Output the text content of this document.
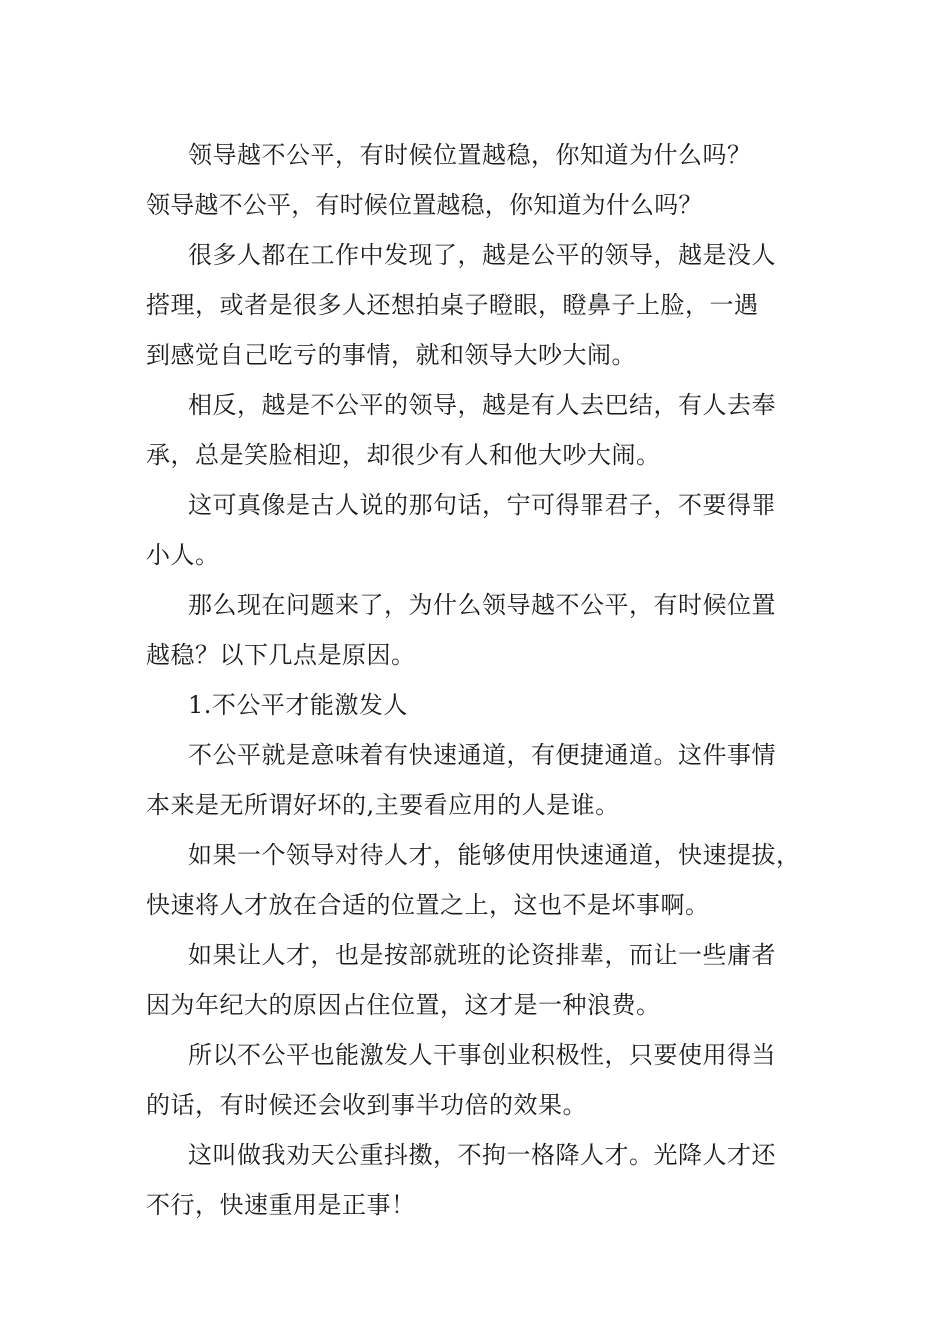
领导越不公平，有时候位置越稳，你知道为什么吗？
领导越不公平，有时候位置越稳，你知道为什么吗？
很多人都在工作中发现了，越是公平的领导，越是没人
搭理，或者是很多人还想拍桌子瞪眼，瞪鼻子上脸，一遇
到感觉自己吃亏的事情，就和领导大吵大闹。
相反，越是不公平的领导，越是有人去巴结，有人去奉
承，总是笑脸相迎，却很少有人和他大吵大闹。
这可真像是古人说的那句话，宁可得罪君子，不要得罪
小人。
那么现在问题来了，为什么领导越不公平，有时候位置
越稳？以下几点是原因。
1.不公平才能激发人
不公平就是意味着有快速通道，有便捷通道。这件事情
本来是无所谓好坏的,主要看应用的人是谁。
如果一个领导对待人才，能够使用快速通道，快速提拔，
快速将人才放在合适的位置之上，这也不是坏事啊。
如果让人才，也是按部就班的论资排辈，而让一些庸者
因为年纪大的原因占住位置，这才是一种浪费。
所以不公平也能激发人干事创业积极性，只要使用得当
的话，有时候还会收到事半功倍的效果。
这叫做我劝天公重抖擞，不拘一格降人才。光降人才还
不行，快速重用是正事！
